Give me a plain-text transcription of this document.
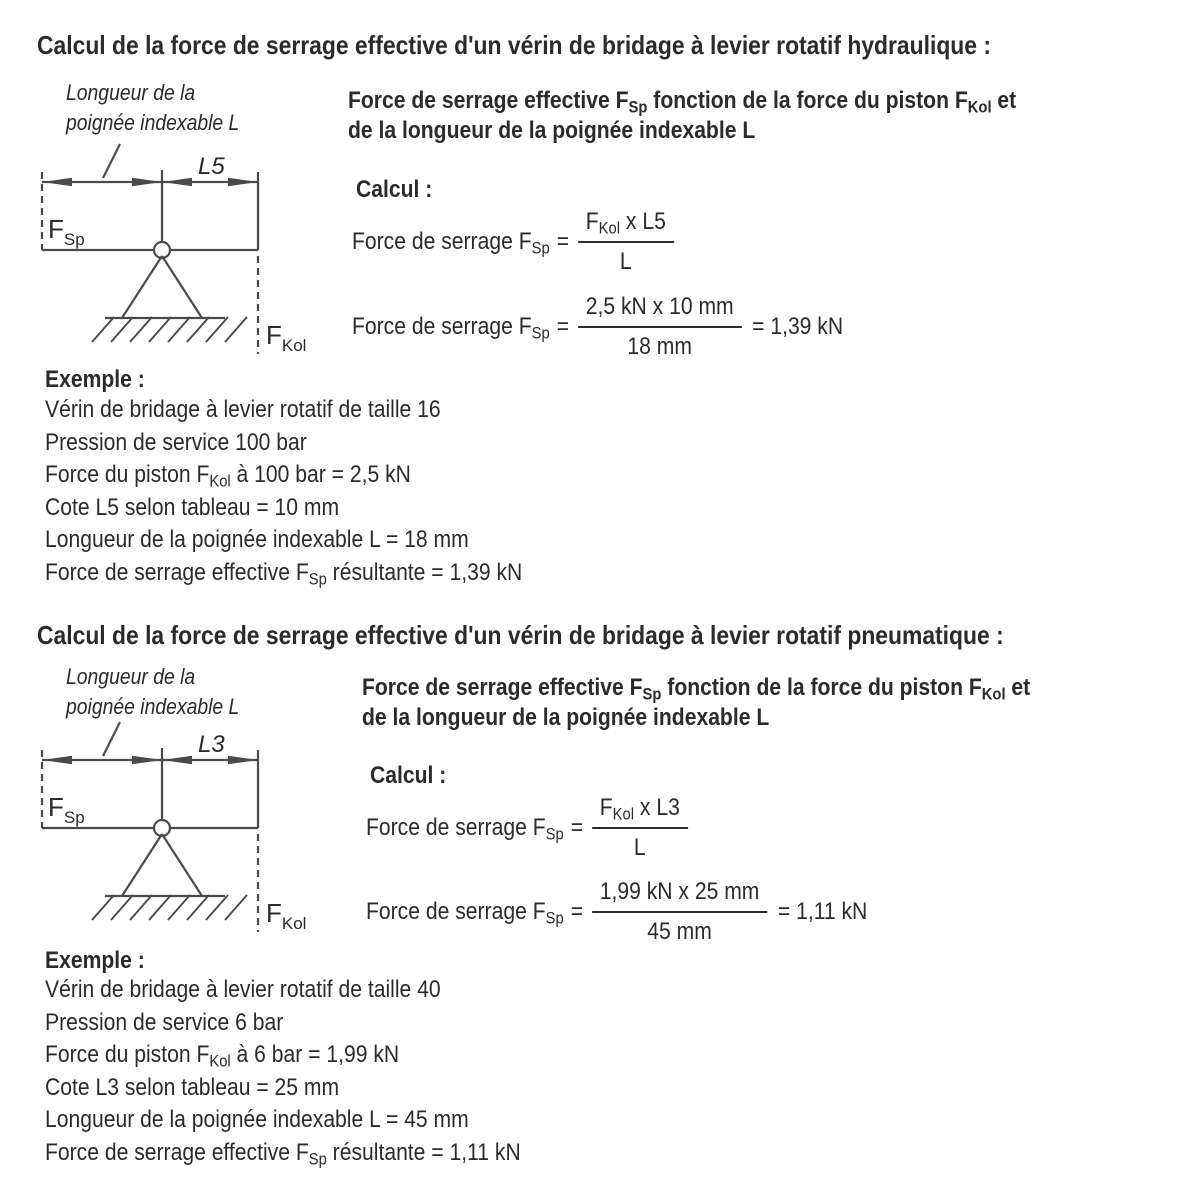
Calcul de la force de serrage effective d'un vérin de bridage à levier rotatif hydraulique :
Longueur de la
poignée indexable L
L5
$F_{Sp}$
$F_{Kol}$
Force de serrage effective $F_{Sp}$ fonction de la force du piston $F_{Kol}$ et
de la longueur de la poignée indexable L
Calcul :
Force de serrage $F_{Sp} = \frac{F_{Kol} x L5}{L}$
Force de serrage $F_{Sp} = \frac{\text{2,5 kN x 10 mm}}{18 mm} = 1,39$ kN
Exemple :
Vérin de bridage à levier rotatif de taille 16
Pression de service 100 bar
Force du piston $F_{Kol}$ à 100 bar = 2,5 kN
Cote L5 selon tableau = 10 mm
Longueur de la poignée indexable L = 18 mm
Force de serrage effective $F_{Sp}$ résultante = 1,39 kN
Calcul de la force de serrage effective d'un vérin de bridage à levier rotatif pneumatique :
Longueur de la
poignée indexable L
L3
$F_{Sp}$
$F_{Kol}$
Force de serrage effective $F_{Sp}$ fonction de la force du piston $F_{Kol}$ et
de la longueur de la poignée indexable L
Calcul :
Force de serrage $F_{Sp} = \frac{F_{Kol} x L3}{L}$
Force de serrage $F_{Sp} = \frac{\text{1,99 kN x 25 mm}}{45 mm} = 1,11$ kN
Exemple :
Vérin de bridage à levier rotatif de taille 40
Pression de service 6 bar
Force du piston $F_{Kol}$ à 6 bar = 1,99 kN
Cote L3 selon tableau = 25 mm
Longueur de la poignée indexable L = 45 mm
Force de serrage effective $F_{Sp}$ résultante = 1,11 kN
